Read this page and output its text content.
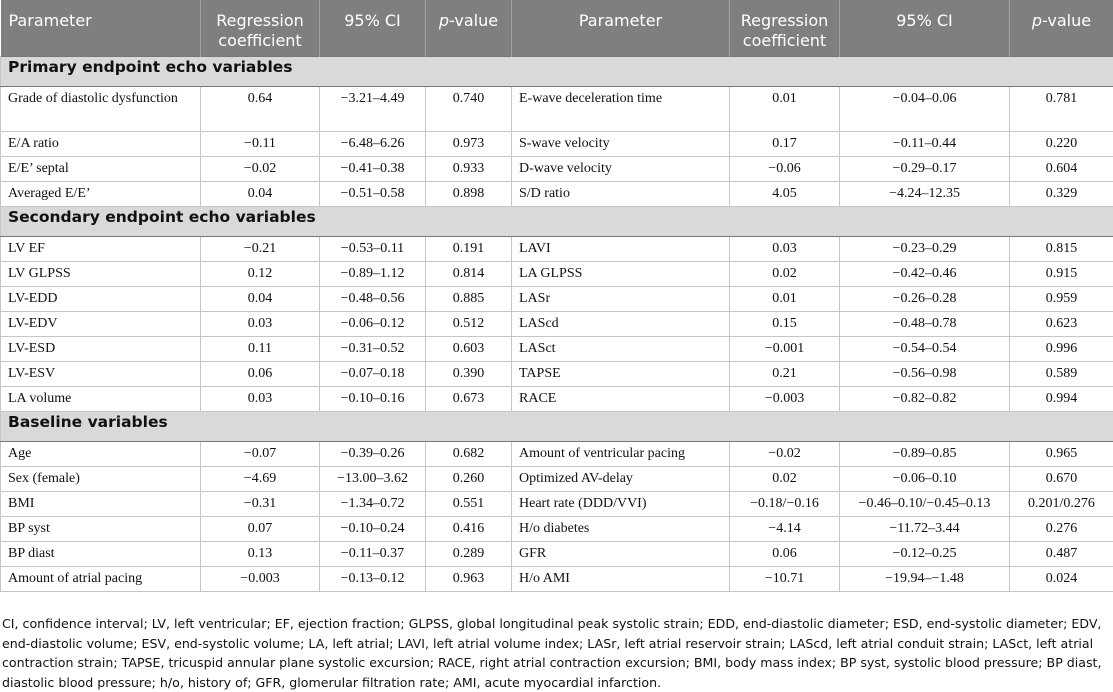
Parameter	Regression coefficient	95% CI	p-value	Parameter	Regression coefficient	95% CI	p-value

Primary endpoint echo variables							
Grade of diastolic dysfunction	0.64	−3.21–4.49	0.740	E-wave deceleration time	0.01	−0.04–0.06	0.781
E/A ratio	−0.11	−6.48–6.26	0.973	S-wave velocity	0.17	−0.11–0.44	0.220
E/E’ septal	−0.02	−0.41–0.38	0.933	D-wave velocity	−0.06	−0.29–0.17	0.604
Averaged E/E’	0.04	−0.51–0.58	0.898	S/D ratio	4.05	−4.24–12.35	0.329
Secondary endpoint echo variables							
LV EF	−0.21	−0.53–0.11	0.191	LAVI	0.03	−0.23–0.29	0.815
LV GLPSS	0.12	−0.89–1.12	0.814	LA GLPSS	0.02	−0.42–0.46	0.915
LV-EDD	0.04	−0.48–0.56	0.885	LASr	0.01	−0.26–0.28	0.959
LV-EDV	0.03	−0.06–0.12	0.512	LAScd	0.15	−0.48–0.78	0.623
LV-ESD	0.11	−0.31–0.52	0.603	LASct	−0.001	−0.54–0.54	0.996
LV-ESV	0.06	−0.07–0.18	0.390	TAPSE	0.21	−0.56–0.98	0.589
LA volume	0.03	−0.10–0.16	0.673	RACE	−0.003	−0.82–0.82	0.994
Baseline variables							
Age	−0.07	−0.39–0.26	0.682	Amount of ventricular pacing	−0.02	−0.89–0.85	0.965
Sex (female)	−4.69	−13.00–3.62	0.260	Optimized AV-delay	0.02	−0.06–0.10	0.670
BMI	−0.31	−1.34–0.72	0.551	Heart rate (DDD/VVI)	−0.18/−0.16	−0.46–0.10/−0.45–0.13	0.201/0.276
BP syst	0.07	−0.10–0.24	0.416	H/o diabetes	−4.14	−11.72–3.44	0.276
BP diast	0.13	−0.11–0.37	0.289	GFR	0.06	−0.12–0.25	0.487
Amount of atrial pacing	−0.003	−0.13–0.12	0.963	H/o AMI	−10.71	−19.94–−1.48	0.024
CI, confidence interval; LV, left ventricular; EF, ejection fraction; GLPSS, global longitudinal peak systolic strain; EDD, end-diastolic diameter; ESD, end-systolic diameter; EDV, end-diastolic volume; ESV, end-systolic volume; LA, left atrial; LAVI, left atrial volume index; LASr, left atrial reservoir strain; LAScd, left atrial conduit strain; LASct, left atrial contraction strain; TAPSE, tricuspid annular plane systolic excursion; RACE, right atrial contraction excursion; BMI, body mass index; BP syst, systolic blood pressure; BP diast, diastolic blood pressure; h/o, history of; GFR, glomerular filtration rate; AMI, acute myocardial infarction.
